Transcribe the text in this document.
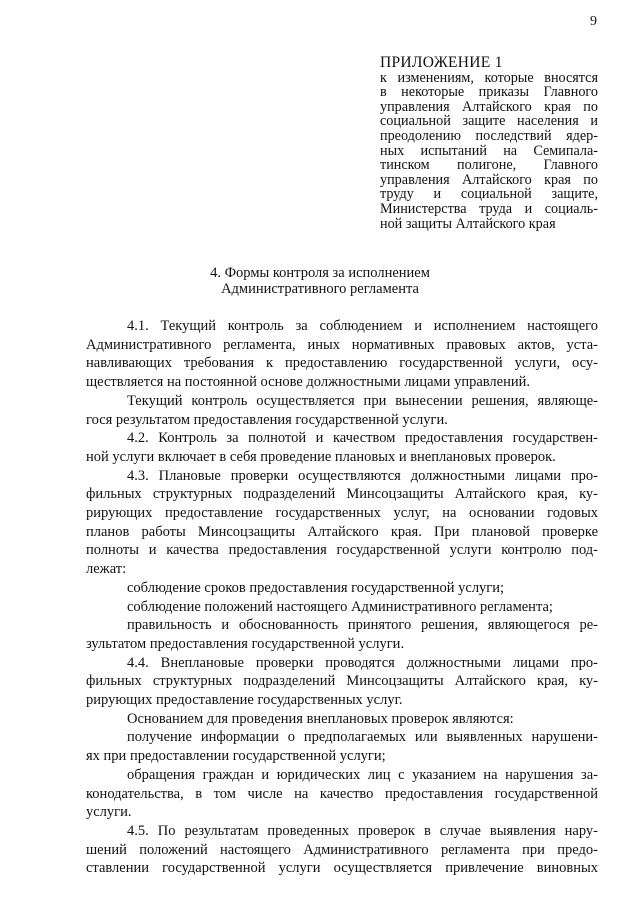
9
ПРИЛОЖЕНИЕ 1
к изменениям, которые вносятся
в некоторые приказы Главного
управления Алтайского края по
социальной защите населения и
преодолению последствий ядер-
ных испытаний на Семипала-
тинском полигоне, Главного
управления Алтайского края по
труду и социальной защите,
Министерства труда и социаль-
ной защиты Алтайского края
4. Формы контроля за исполнением
Административного регламента
4.1. Текущий контроль за соблюдением и исполнением настоящего
Административного регламента, иных нормативных правовых актов, уста-
навливающих требования к предоставлению государственной услуги, осу-
ществляется на постоянной основе должностными лицами управлений.
Текущий контроль осуществляется при вынесении решения, являюще-
гося результатом предоставления государственной услуги.
4.2. Контроль за полнотой и качеством предоставления государствен-
ной услуги включает в себя проведение плановых и внеплановых проверок.
4.3. Плановые проверки осуществляются должностными лицами про-
фильных структурных подразделений Минсоцзащиты Алтайского края, ку-
рирующих предоставление государственных услуг, на основании годовых
планов работы Минсоцзащиты Алтайского края. При плановой проверке
полноты и качества предоставления государственной услуги контролю под-
лежат:
соблюдение сроков предоставления государственной услуги;
соблюдение положений настоящего Административного регламента;
правильность и обоснованность принятого решения, являющегося ре-
зультатом предоставления государственной услуги.
4.4. Внеплановые проверки проводятся должностными лицами про-
фильных структурных подразделений Минсоцзащиты Алтайского края, ку-
рирующих предоставление государственных услуг.
Основанием для проведения внеплановых проверок являются:
получение информации о предполагаемых или выявленных нарушени-
ях при предоставлении государственной услуги;
обращения граждан и юридических лиц с указанием на нарушения за-
конодательства, в том числе на качество предоставления государственной
услуги.
4.5. По результатам проведенных проверок в случае выявления нару-
шений положений настоящего Административного регламента при предо-
ставлении государственной услуги осуществляется привлечение виновных
